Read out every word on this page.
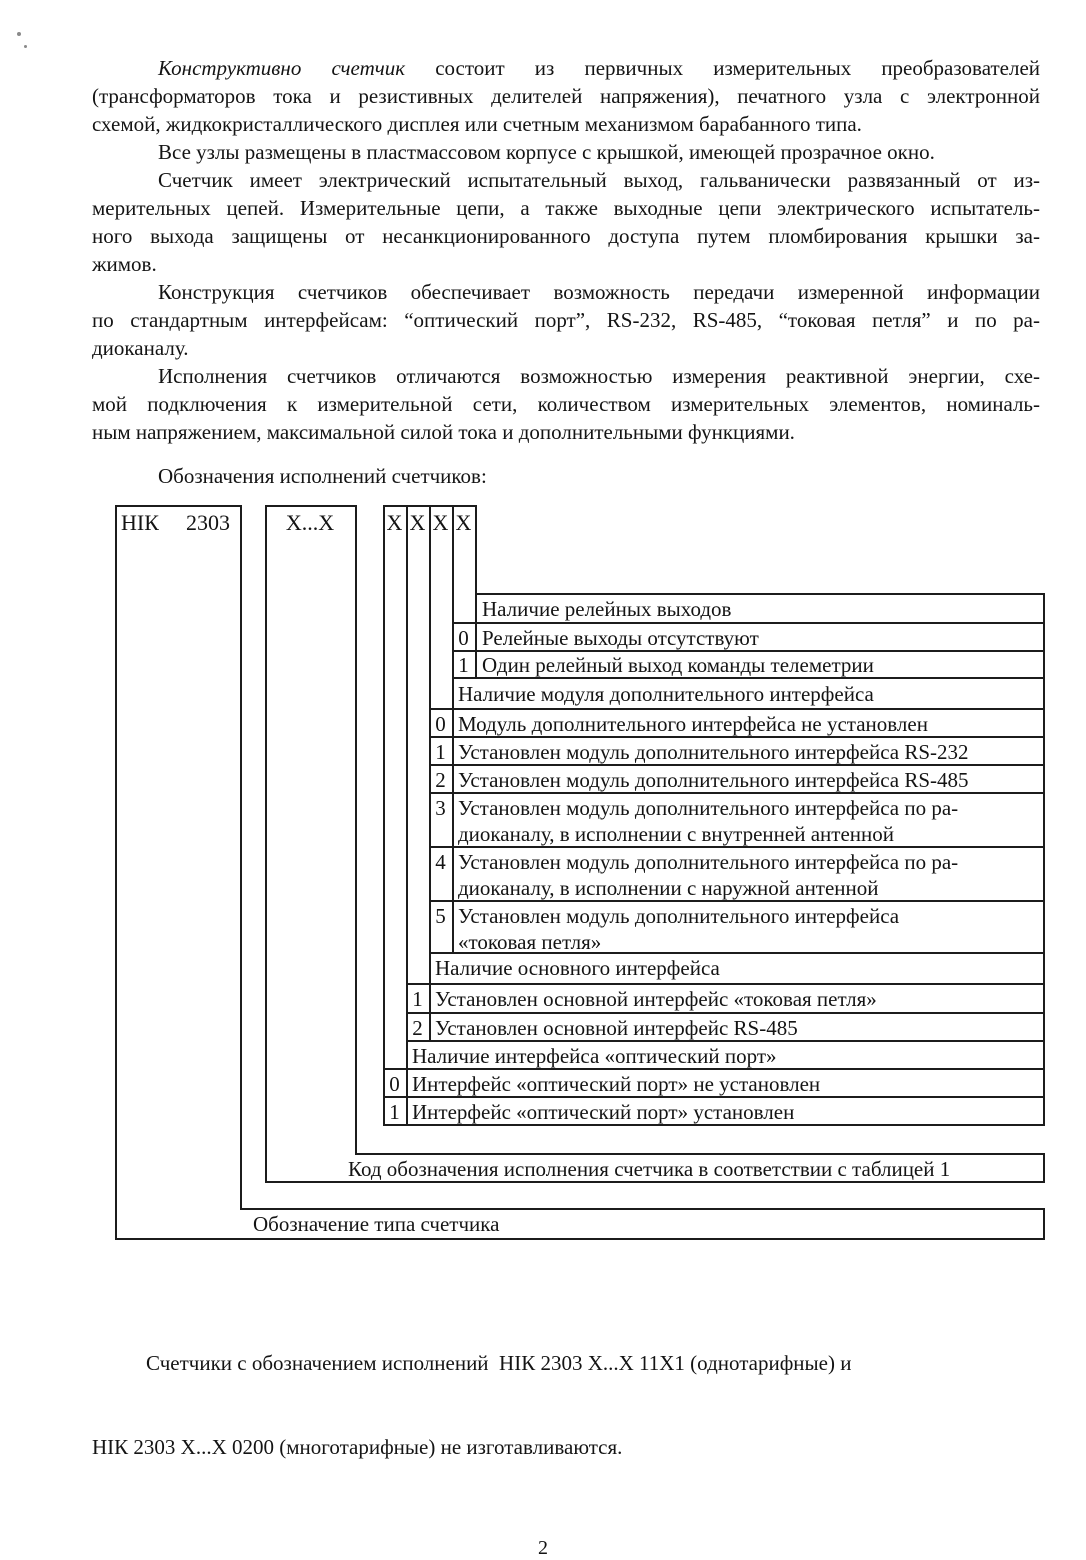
Конструктивно счетчик состоит из первичных измерительных преобразователей
(трансформаторов тока и резистивных делителей напряжения), печатного узла с электронной
схемой, жидкокристаллического дисплея или счетным механизмом барабанного типа.
Все узлы размещены в пластмассовом корпусе с крышкой, имеющей прозрачное окно.
Счетчик имеет электрический испытательный выход, гальванически развязанный от из-
мерительных цепей. Измерительные цепи, а также выходные цепи электрического испытатель-
ного выхода защищены от несанкционированного доступа путем пломбирования крышки за-
жимов.
Конструкция счетчиков обеспечивает возможность передачи измеренной информации
по стандартным интерфейсам: “оптический порт”, RS-232, RS-485, “токовая петля” и по ра-
диоканалу.
Исполнения счетчиков отличаются возможностью измерения реактивной энергии, схе-
мой подключения к измерительной сети, количеством измерительных элементов, номиналь-
ным напряжением, максимальной силой тока и дополнительными функциями.
Обозначения исполнений счетчиков:
НІК 2303	Х...Х	Х Х Х Х
Наличие релейных выходов
0 Релейные выходы отсутствуют
1 Один релейный выход команды телеметрии
Наличие модуля дополнительного интерфейса
0 Модуль дополнительного интерфейса не установлен
1 Установлен модуль дополнительного интерфейса RS-232
2 Установлен модуль дополнительного интерфейса RS-485
3 Установлен модуль дополнительного интерфейса по ра-
диоканалу, в исполнении с внутренней антенной
4 Установлен модуль дополнительного интерфейса по ра-
диоканалу, в исполнении с наружной антенной
5 Установлен модуль дополнительного интерфейса
«токовая петля»
Наличие основного интерфейса
1 Установлен основной интерфейс «токовая петля»
2 Установлен основной интерфейс RS-485
Наличие интерфейса «оптический порт»
0 Интерфейс «оптический порт» не установлен
1 Интерфейс «оптический порт» установлен
Код обозначения исполнения счетчика в соответствии с таблицей 1
Обозначение типа счетчика

Счетчики с обозначением исполнений  НІК 2303 Х...Х 11Х1 (однотарифные) и

НІК 2303 Х...Х 0200 (многотарифные) не изготавливаются.

2
